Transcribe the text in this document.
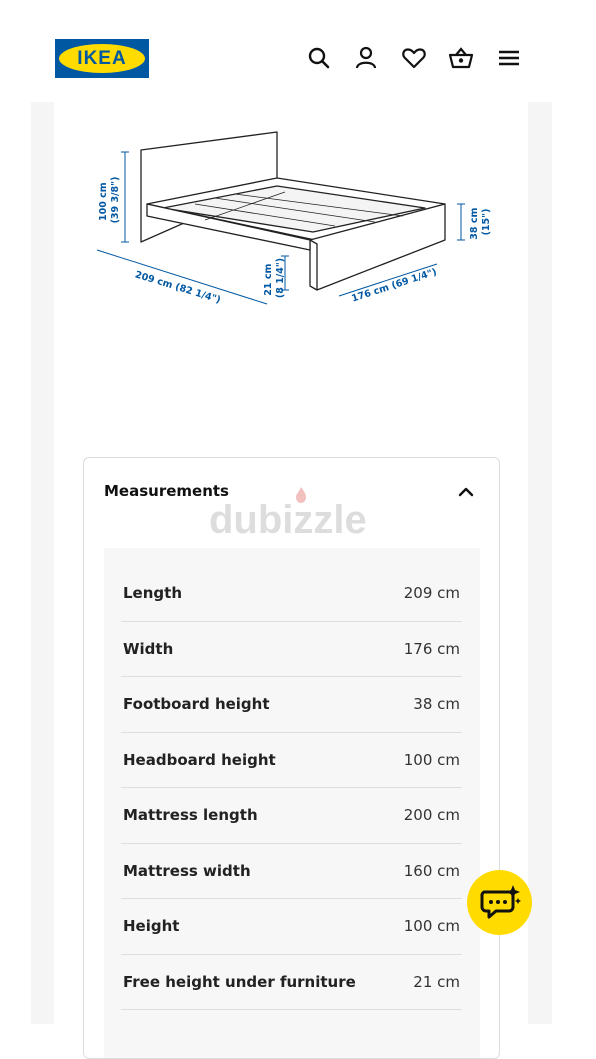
IKEA
100 cm (39 3/8")
38 cm (15")
209 cm (82 1/4")	176 cm (69 1/4")
21 cm (8 1/4")
Measurements
dubizzle
Length	209 cm
Width	176 cm
Footboard height	38 cm
Headboard height	100 cm
Mattress length	200 cm
Mattress width	160 cm
Height	100 cm
Free height under furniture	21 cm
